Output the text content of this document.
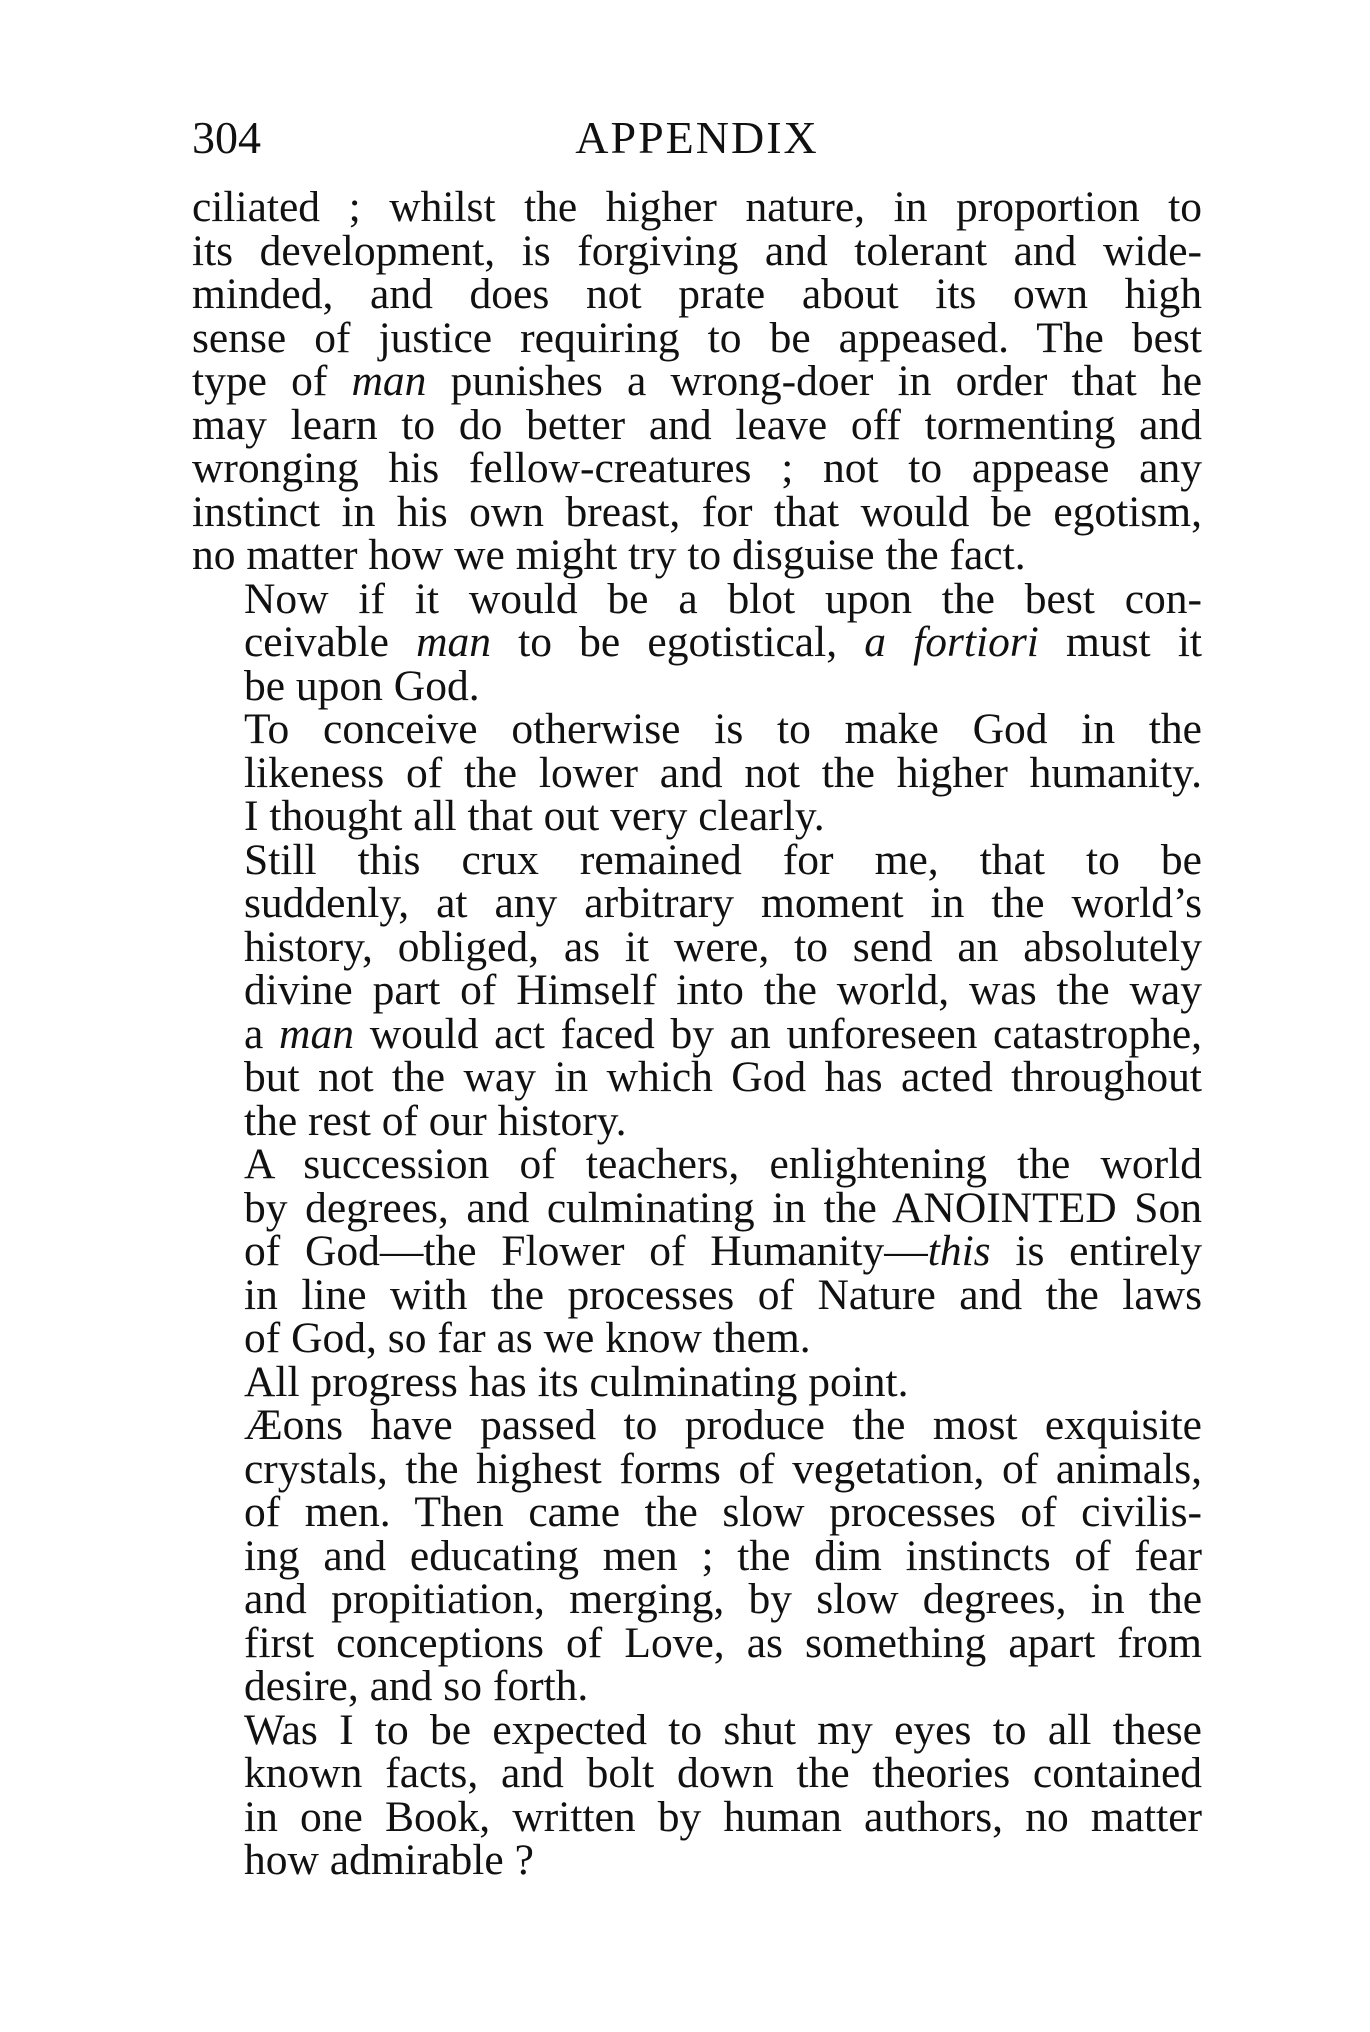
304	APPENDIX

ciliated ; whilst the higher nature, in proportion to
its development, is forgiving and tolerant and wide-
minded, and does not prate about its own high
sense of justice requiring to be appeased. The best
type of man punishes a wrong-doer in order that he
may learn to do better and leave off tormenting and
wronging his fellow-creatures ; not to appease any
instinct in his own breast, for that would be egotism,
no matter how we might try to disguise the fact.

Now if it would be a blot upon the best con-
ceivable man to be egotistical, a fortiori must it
be upon God.

To conceive otherwise is to make God in the
likeness of the lower and not the higher humanity.
I thought all that out very clearly.

Still this crux remained for me, that to be
suddenly, at any arbitrary moment in the world’s
history, obliged, as it were, to send an absolutely
divine part of Himself into the world, was the way
a man would act faced by an unforeseen catastrophe,
but not the way in which God has acted throughout
the rest of our history.

A succession of teachers, enlightening the world
by degrees, and culminating in the ANOINTED Son
of God—the Flower of Humanity—this is entirely
in line with the processes of Nature and the laws
of God, so far as we know them.

All progress has its culminating point.

Æons have passed to produce the most exquisite
crystals, the highest forms of vegetation, of animals,
of men. Then came the slow processes of civilis-
ing and educating men ; the dim instincts of fear
and propitiation, merging, by slow degrees, in the
first conceptions of Love, as something apart from
desire, and so forth.

Was I to be expected to shut my eyes to all these
known facts, and bolt down the theories contained
in one Book, written by human authors, no matter
how admirable ?
